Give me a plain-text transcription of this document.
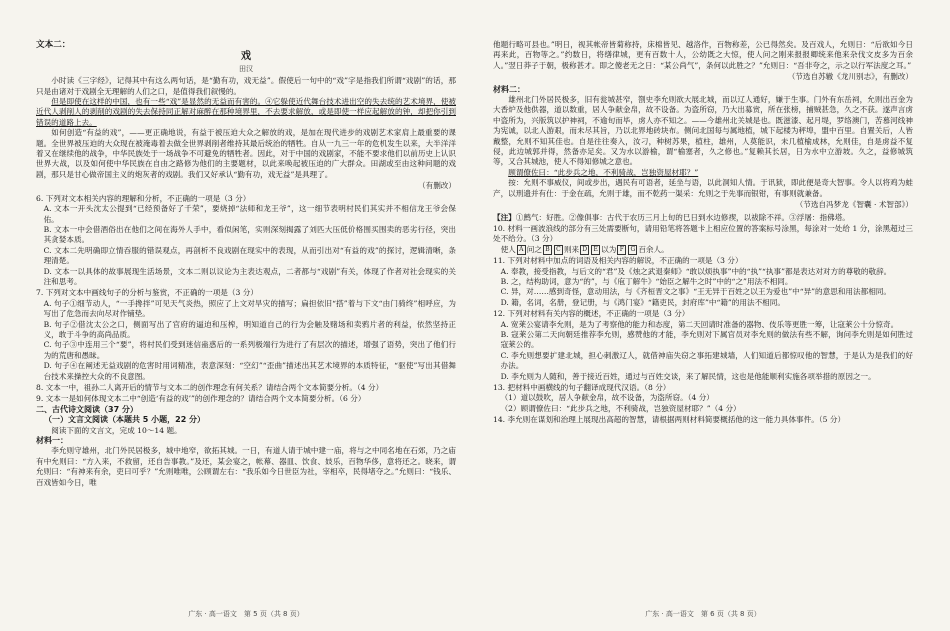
文本二：
戏
田汉

小时读《三字经》，记得其中有这么两句话，是“勤有功，戏无益”。假使后一句中的“戏”字是指我们所谓“戏剧”的话，那只是由诸对于戏剧全无理解的人们之口，是值得我们叙慢的。

但是即使在这样的中国，也有一些“戏”是显然的无益而有害的。④它躲使近代舞台技术进出空的失去统的艺术境界，使被近代人剥削人的剥削的戏剧的失去保持同正解对麻醉在那种境界里，不去要求解放，或是即使一样应起解放的钟，却把你引到错误的道路上去。

如何创造“有益的戏”，——更正确地说，有益于被压迫大众之解放的戏，是加在现代进步的戏剧艺术家肩上最重要的课题。全世界被压迫的大众现在被淹毒着去做全世界剥削者维持其最后统治的牺牲。自从一九三一年的危机发生以来，大半洋洋着又在继续他的战争，中华民族处于一场战争不可避免的牺牲者。因此，对于中国的戏剧家，不能不要求他们以前历史上认识世界大战，以及如何使中华民族在自由之路修为他们的主要题材，以此来唤起被压迫的广大群众。田湖或至由这种问题的戏剧，那只是甘心做帝国主义的炮灰者的戏剧。我们又好承认“勤有功，戏无益”是具理了。

（有删改）

6. 下列对文本相关内容的理解和分析，不正确的一项是（3 分）

A. 文本一开头沈太公提到“已经预备好了千荣”，要烧掉“法师和龙王爷”，这一细节表明村民们其实并不相信龙王爷会保佑。

B. 文本一中会借酒俗出在他们之间在海外人手中，看似闲笔，实则深刻揭露了刘匹大压低价格围买围卖的恶劣行径，突出其贪婪本质。

C. 文本二先明确即立情吞服的错误观点，再剖析不良戏剧在现实中的表现，从而引出对“有益的戏”的探讨，逻辑清晰，条理清楚。

D. 文本一以具体的故事展现生活场景，文本二则以议论为主表达观点，二者都与“戏剧”有关，体现了作者对社会现实的关注和思考。

7. 下列对文本中画线句子的分析与鉴赏，不正确的一项是（3 分）

A. 句子①细节动人，“一手搀拌”可见天气炎热，照应了上文对旱灾的描写；扁担依旧“搭”着与下文“由门骑终”相呼应，为写出了危急而去向尽对作铺垫。

B. 句子②借沈太公之口，侧面写出了官府的逼迫和压榨，明知道自己的行为会触及赌场和卖鸦片者的利益，依然坚持正义，敢于斗争的高尚品质。

C. 句子③中连用三个“要”，将村民们受到迷信蛊惑后的一系列极端行为进行了有层次的描述，增强了语势，突出了他们行为的荒唐和愚昧。

D. 句子④在阐述无益戏剧的危害时用词精准，表意深刻：“空幻”“歪曲”描述出其艺术境界的本质特征，“驱使”写出其借舞台技术来操控大众的不良意图。

8. 文本一中，祖孙二人离开后的情节与文本二的创作理念有何关系？请结合两个文本简要分析。（4 分）

9. 文本一是如何体现文本二中“创造‘有益的戏’”的创作理念的？请结合两个文本简要分析。（6 分）

二、古代诗文阅读（37 分）
（一）文言文阅读（本题共 5 小题，22 分）

阅读下面的文言文，完成 10～14 题。

材料一：

李允则守雄州，北门外民居极多，城中地窄，欲拓其城。一日，有道人请于城中建一庙，将与之中同名地在石郊，乃之庙有中允则曰：“方入来，不救留，还自告事教。”及还，某会宴之，帐幕、器皿、饮食、妓乐，百物华侈，意将还之。晓来，谓允则曰：“有神来有余，吏曰可乎？”允则唯唯，公顾谓左右：“我乐如今日世臣为社，宰相卒，民得堵夺之。”允则曰：“钱乐、百戏皆如今日，唯

他题行略可县也。”明日，视其帐帝皆菊称持，床棉皆见、越洛作，百物称差，公已得然矣。及百戏人，允则日：“后欲如今日再来此，百物等之。”约数日，将缮律城，更有百数十人，公幼既之大惊，使人问之刚来报报卿统来他来杂伐文皮多为百余人。”翌日莽子于朝，极称甚才。即之傻老无之日：“某公尚气”，条何以此胜之？”允则日：“吾非夸之，示之以行军法度之耳。”

（节选自苏辙《龙川别志》，有删改）
材料二：

雄州北门外居民极多，旧有瓮城甚窄，劄史李允则欲大展北城，而以辽人通好，嫌于生事。门外有东岳祠，允则出百金为大香炉及他供器，道以数重，居人争献金帛，故不设备。为盗所窃，乃大出募赏，所在张榜，捕贼甚急，久之不获。遂声言虏中盗所为，兴版筑以护神祠，不逾旬而毕，虏人亦不知之。——今雄州北关城是也。既滋漆、起月堤，罗络澳门，苦慕河线神为宪诚，以北人游艰，而未尽其旨，乃以北界地砖块布。侧问北国每与属地植，城下起楼为秤埠，盟中百里。自置关后，人皆戴整，允则不知其佳也。自是往往奏入，汝刁，种树苏果，植柱，雄州，人莫能识，未几植榆成林，允则佳，自是虏益不复侵，此边城郭并得，然备亦足矣。又为水以游榆，谓“榆塞者，久之修也。”复赖其长居，日为水中立游坡。久之，益修城筑等，又合其城池，使人不得知修城之意也。

顾谓僚佐曰：“此步兵之地，不利骑战，岂独资屋材耶？”

按：允则不事威仪，间或步出，遇民有可语者，延坐与语，以此洞知人情。于讯狱，即此便是奇大智事。令人以将鸡为蛙产，以刑遗并有仕：于金在疏，允则于雄，而不乾药一渠采：允则之于先事而银钳，有事则就兼备。

（节选自冯梦龙《智囊 · 术智部》）

【注】①鹧气：好胜。②像俱事：古代于农历三月上旬的巳日到水边修禊，以祓除不祥。③浮屠：指佛塔。

10. 材料一画波浪线的部分有三处需要断句，请用铅笔将答题卡上相应位置的答案标号涂黑，每涂对一处给 1 分，涂黑超过三处不给分。（3 分）

使人 A 问之 B C 则来 D E 以为 F G 百余人。

11. 下列对材料中加点的词语及相关内容的解说，不正确的一项是（3 分）

A. 奉教，接受指教，与后文的“君”及《烛之武退秦师》“敢以烦执事”中的“执”“执事”都是表达对对方的尊敬的敬辞。

B. 之，结构助词，意为“的”，与《庖丁解牛》“始臣之解牛之时”中的“之”用法不相同。

C. 异，对……感到奇怪，意动用法，与《齐桓晋文之事》“王无异于百姓之以王为爱也”中“异”的意思和用法都相同。

D. 籍，名词，名册，登记册，与《鸿门宴》“籍吏民，封府库”中“籍”的用法不相同。

12. 下列对材料有关内容的概述，不正确的一项是（3 分）

A. 宽莱公宴请李允则，是为了考察他的能力和态度，第二天回请时准备的器物、伎乐等更胜一筹，让寇莱公十分惊奇。

B. 寇莱公第二天向朝廷推荐李允则，感赞他的才能，李允则对下属官员对李允则的做法有些不解，询问李允则是如何胜过寇莱公的。

C. 李允则想要扩建北城，担心刺激辽人，就借神庙失窃之事拓建城墙，人们知道后都惊叹他的智慧，于是认为是我们的好办法。

D. 李允则为人随和，善于接近百姓，通过与百姓交谈，来了解民情，这也是他能顺利实施各项举措的原因之一。

13. 把材料中画横线的句子翻译成现代汉语。（8 分）

（1）道以鼓吹，居人争献金帛，故不设备，为盗所窃。（4 分）

（2）顾谓僚佐曰：“此步兵之地，不利骑战，岂独资屋材耶？”（4 分）

14. 李允则在谋划和治理上展现出高超的智慧，请根据两则材料简要概括他的这一能力具体事件。（5 分）

广东 · 高一语文　第 5 页（共 8 页）	广东 · 高一语文　第 6 页（共 8 页）
